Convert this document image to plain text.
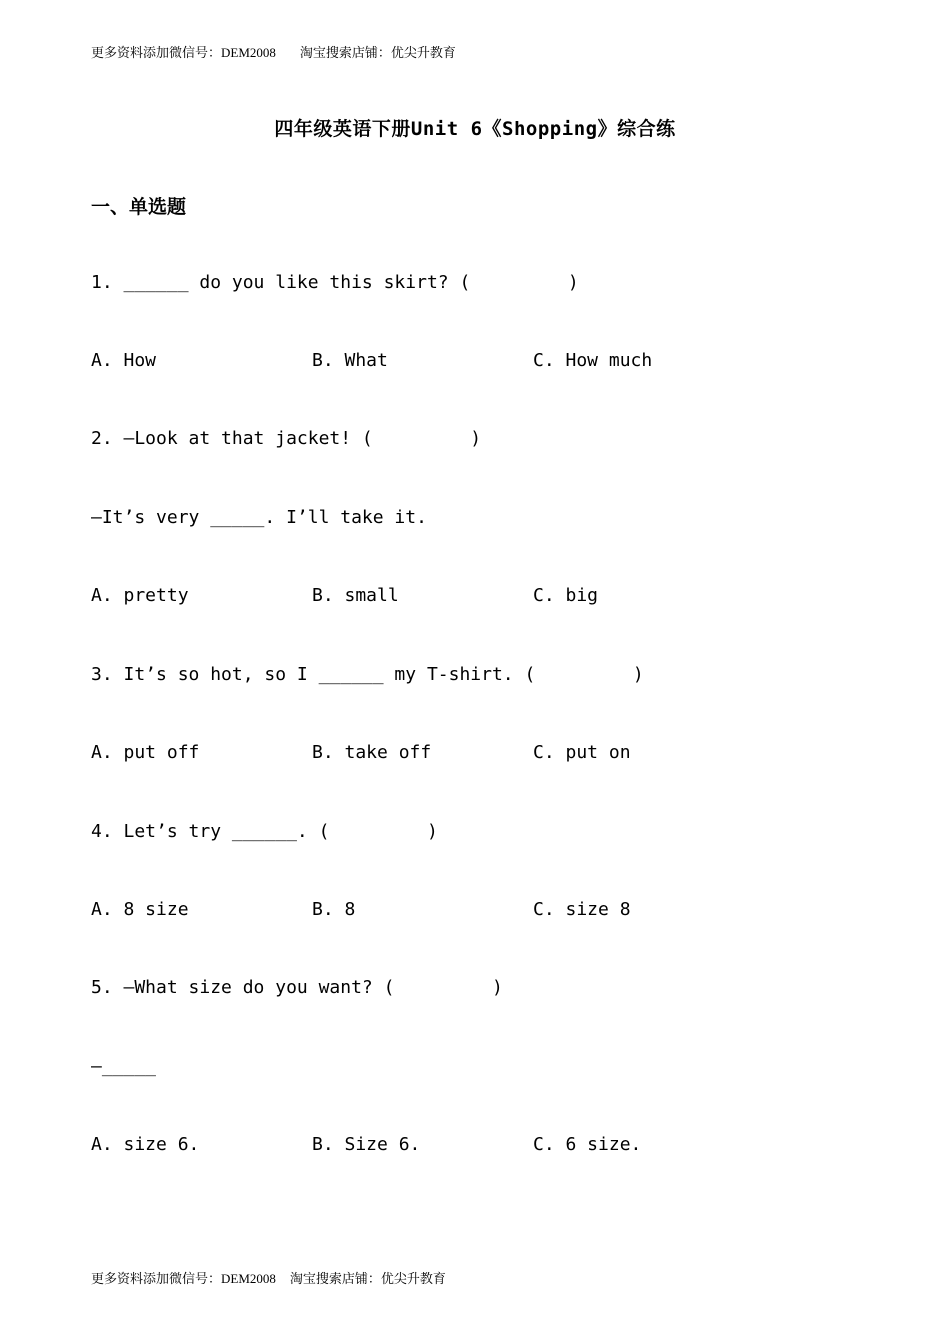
更多资料添加微信号：DEM2008 淘宝搜索店铺：优尖升教育
四年级英语下册Unit 6《Shopping》综合练
一、单选题
1. ______ do you like this skirt? (         )
A. How	B. What	C. How much
2. —Look at that jacket! (         )
—It’s very _____. I’ll take it.
A. pretty	B. small	C. big
3. It’s so hot, so I ______ my T-shirt. (         )
A. put off	B. take off	C. put on
4. Let’s try ______. (         )
A. 8 size	B. 8	C. size 8
5. —What size do you want? (         )
—_____
A. size 6.	B. Size 6.	C. 6 size.
更多资料添加微信号：DEM2008 淘宝搜索店铺：优尖升教育
